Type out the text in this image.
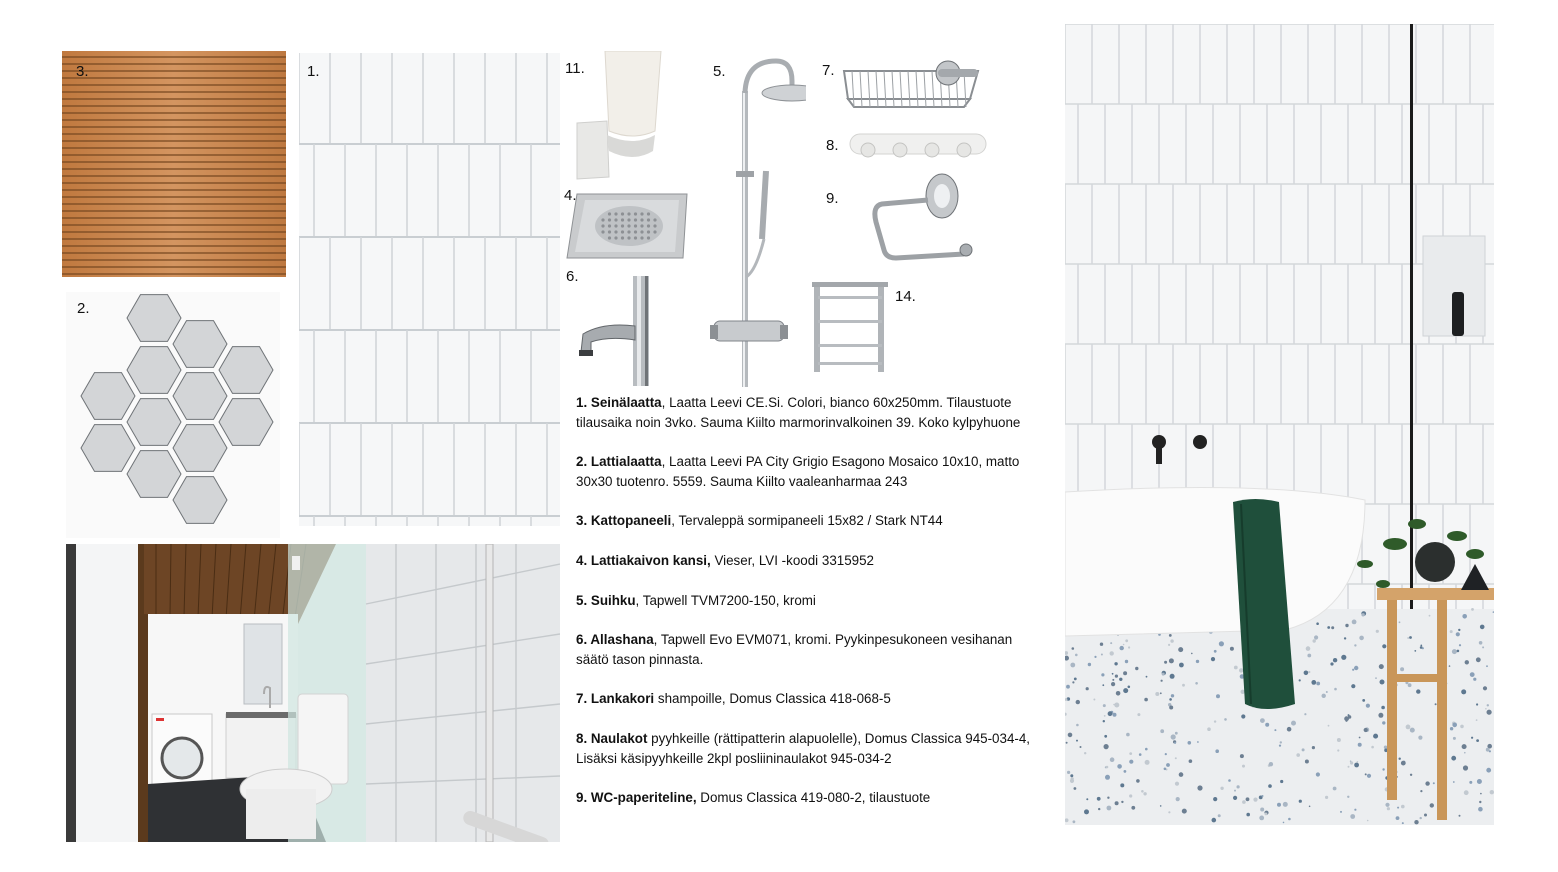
3.	1.
2.
11.
4.
6.
5.	7.
8.
9.
14.

1. Seinälaatta, Laatta Leevi CE.Si. Colori, bianco 60x250mm. Tilaustuote tilausaika noin 3vko. Sauma Kiilto marmorinvalkoinen 39. Koko kylpyhuone

2. Lattialaatta, Laatta Leevi PA City Grigio Esagono Mosaico 10x10, matto 30x30 tuotenro. 5559. Sauma Kiilto vaaleanharmaa 243

3. Kattopaneeli, Tervaleppä sormipaneeli 15x82 / Stark NT44

4. Lattiakaivon kansi, Vieser, LVI -koodi 3315952

5. Suihku, Tapwell TVM7200-150, kromi

6. Allashana, Tapwell Evo EVM071, kromi. Pyykinpesukoneen vesihanan säätö tason pinnasta.

7. Lankakori shampoille, Domus Classica 418-068-5

8. Naulakot pyyhkeille (rättipatterin alapuolelle), Domus Classica 945-034-4, Lisäksi käsipyyhkeille 2kpl posliininaulakot 945-034-2

9. WC-paperiteline, Domus Classica 419-080-2, tilaustuote
